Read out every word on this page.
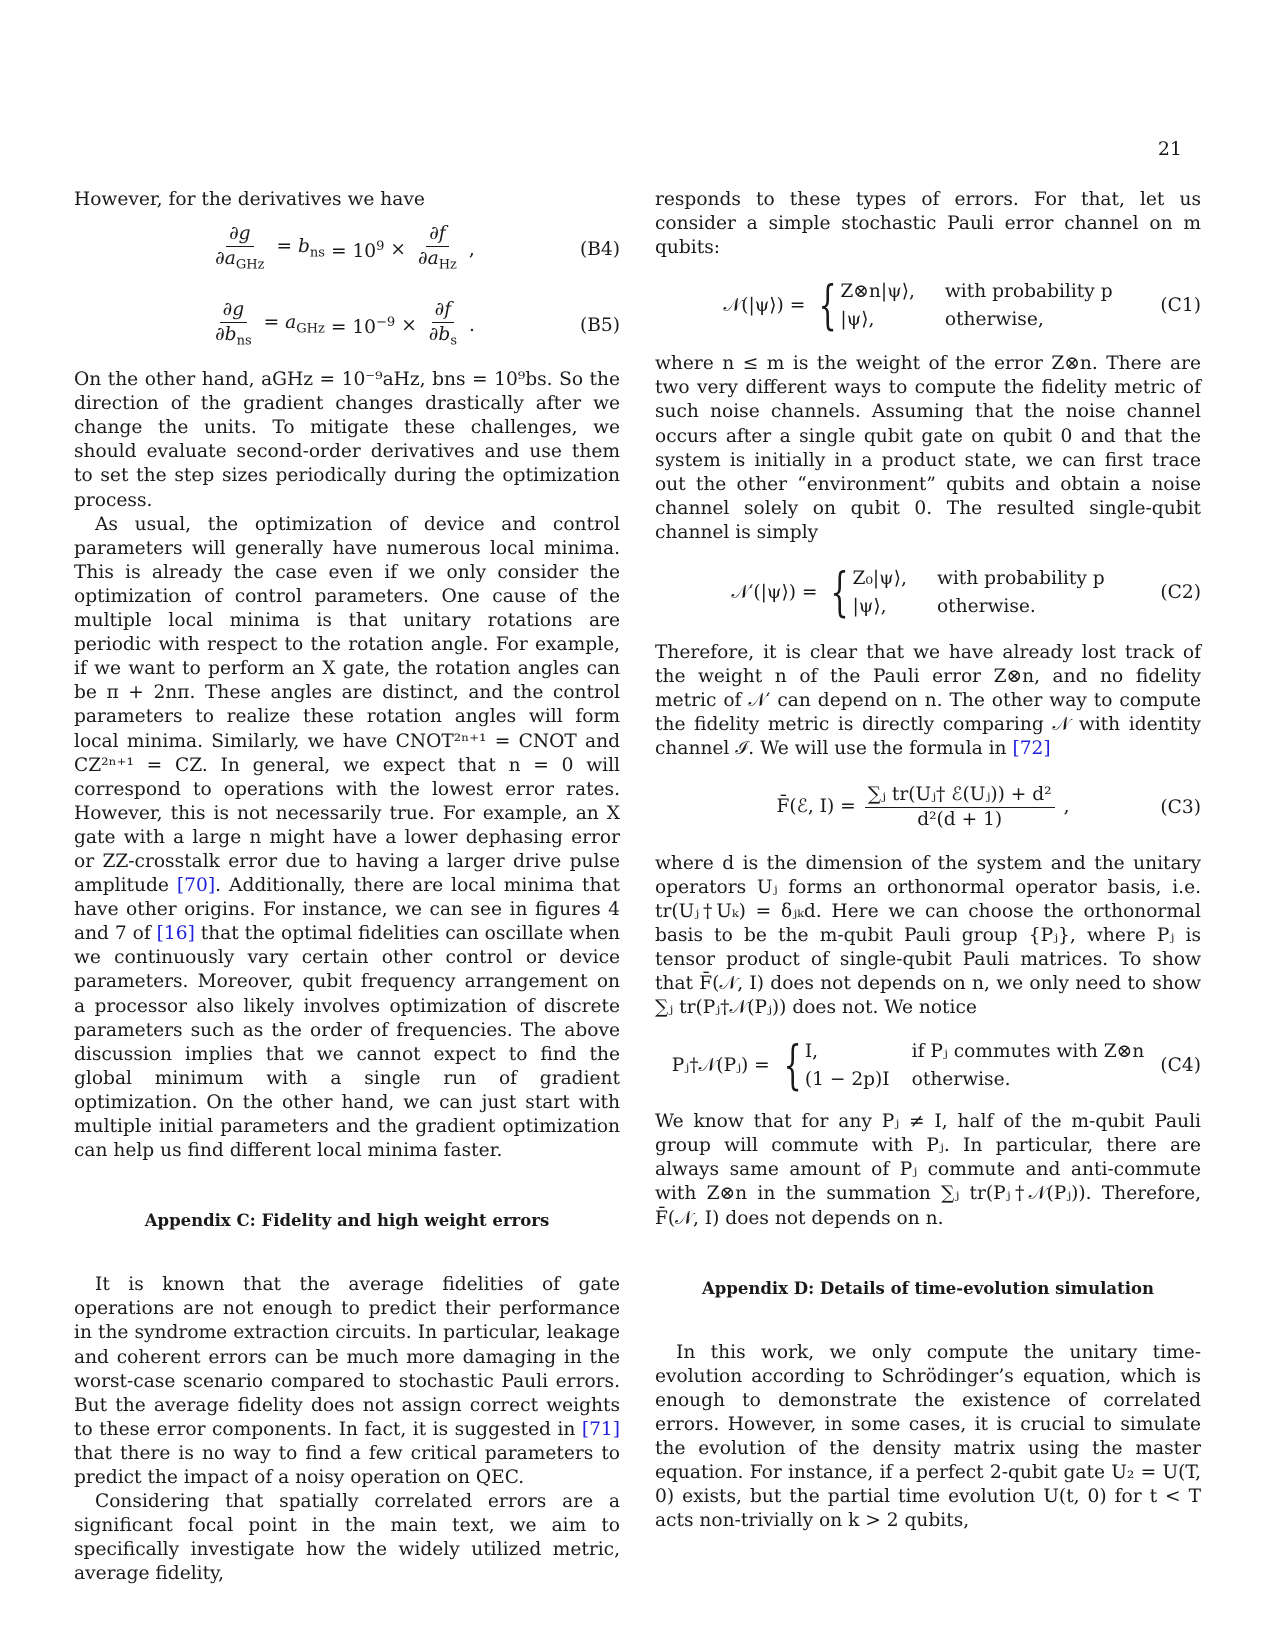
21

However, for the derivatives we have

$\frac{\partial g}{\partial a_{GHz}} = b_{ns} = 10^9 \times \frac{\partial f}{\partial a_{Hz}}$ ,	(B4)
$\frac{\partial g}{\partial b_{ns}} = a_{GHz} = 10^{-9} \times \frac{\partial f}{\partial b_s}$ .	(B5)

On the other hand, aGHz = 10⁻⁹aHz, bns = 10⁹bs. So the direction of the gradient changes drastically after we change the units. To mitigate these challenges, we should evaluate second-order derivatives and use them to set the step sizes periodically during the optimization process.

As usual, the optimization of device and control parameters will generally have numerous local minima. This is already the case even if we only consider the optimization of control parameters. One cause of the multiple local minima is that unitary rotations are periodic with respect to the rotation angle. For example, if we want to perform an X gate, the rotation angles can be π + 2nπ. These angles are distinct, and the control parameters to realize these rotation angles will form local minima. Similarly, we have CNOT²ⁿ⁺¹ = CNOT and CZ²ⁿ⁺¹ = CZ. In general, we expect that n = 0 will correspond to operations with the lowest error rates. However, this is not necessarily true. For example, an X gate with a large n might have a lower dephasing error or ZZ-crosstalk error due to having a larger drive pulse amplitude [70]. Additionally, there are local minima that have other origins. For instance, we can see in figures 4 and 7 of [16] that the optimal fidelities can oscillate when we continuously vary certain other control or device parameters. Moreover, qubit frequency arrangement on a processor also likely involves optimization of discrete parameters such as the order of frequencies. The above discussion implies that we cannot expect to find the global minimum with a single run of gradient optimization. On the other hand, we can just start with multiple initial parameters and the gradient optimization can help us find different local minima faster.

Appendix C: Fidelity and high weight errors

It is known that the average fidelities of gate operations are not enough to predict their performance in the syndrome extraction circuits. In particular, leakage and coherent errors can be much more damaging in the worst-case scenario compared to stochastic Pauli errors. But the average fidelity does not assign correct weights to these error components. In fact, it is suggested in [71] that there is no way to find a few critical parameters to predict the impact of a noisy operation on QEC.

Considering that spatially correlated errors are a significant focal point in the main text, we aim to specifically investigate how the widely utilized metric, average fidelity,

responds to these types of errors. For that, let us consider a simple stochastic Pauli error channel on m qubits:

𝒩(|ψ⟩) = { Z⊗n|ψ⟩, with probability p
|ψ⟩,	otherwise,
(C1)

where n ≤ m is the weight of the error Z⊗n. There are two very different ways to compute the fidelity metric of such noise channels. Assuming that the noise channel occurs after a single qubit gate on qubit 0 and that the system is initially in a product state, we can first trace out the other “environment” qubits and obtain a noise channel solely on qubit 0. The resulted single-qubit channel is simply

𝒩′(|ψ⟩) = { Z₀|ψ⟩, with probability p
|ψ⟩,	otherwise.
(C2)

Therefore, it is clear that we have already lost track of the weight n of the Pauli error Z⊗n, and no fidelity metric of 𝒩′ can depend on n. The other way to compute the fidelity metric is directly comparing 𝒩 with identity channel ℐ. We will use the formula in [72]

F̄(ℰ, $I) = \frac{\text{∑ⱼ tr(Uⱼ† ℰ(Uⱼ)) + d²}}{\text{d²(d + 1)}}$ ,	(C3)

where d is the dimension of the system and the unitary operators Uⱼ forms an orthonormal operator basis, i.e. tr(Uⱼ†Uₖ) = δⱼₖd. Here we can choose the orthonormal basis to be the m-qubit Pauli group {Pⱼ}, where Pⱼ is tensor product of single-qubit Pauli matrices. To show that F̄(𝒩, I) does not depends on n, we only need to show ∑ⱼ tr(Pⱼ†𝒩(Pⱼ)) does not. We notice

Pⱼ†𝒩(Pⱼ) = { I,	if Pⱼ commutes with Z⊗n
(1 − 2p)I otherwise.
(C4)

We know that for any Pⱼ ≠ I, half of the m-qubit Pauli group will commute with Pⱼ. In particular, there are always same amount of Pⱼ commute and anti-commute with Z⊗n in the summation ∑ⱼ tr(Pⱼ†𝒩(Pⱼ)). Therefore, F̄(𝒩, I) does not depends on n.

Appendix D: Details of time-evolution simulation

In this work, we only compute the unitary time-evolution according to Schrödinger’s equation, which is enough to demonstrate the existence of correlated errors. However, in some cases, it is crucial to simulate the evolution of the density matrix using the master equation. For instance, if a perfect 2-qubit gate U₂ = U(T, 0) exists, but the partial time evolution U(t, 0) for t < T acts non-trivially on k > 2 qubits,
